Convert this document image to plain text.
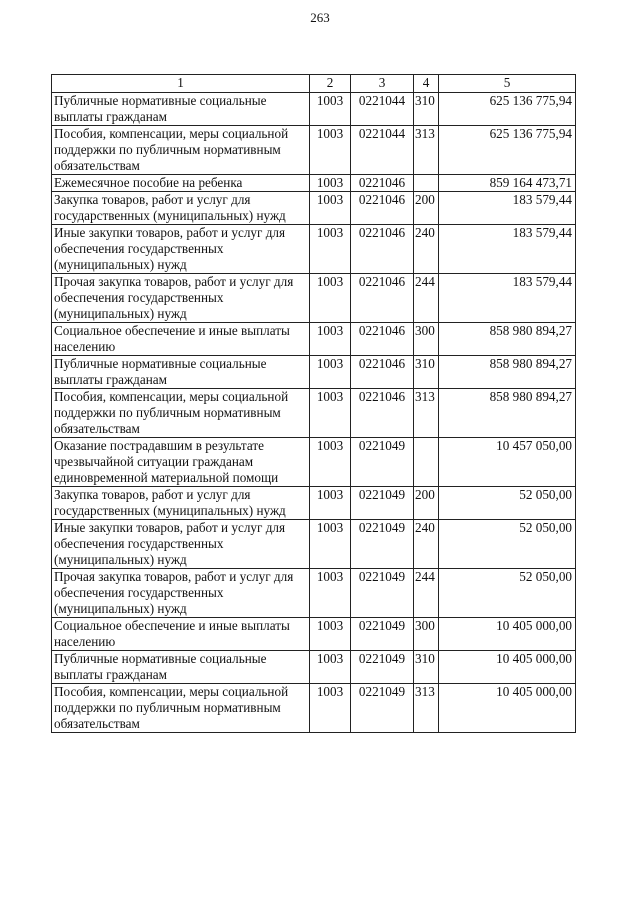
263
1	2	3	4	5
Публичные нормативные социальные выплаты гражданам	1003	0221044	310	625 136 775,94
Пособия, компенсации, меры социальной поддержки по публичным нормативным обязательствам	1003	0221044	313	625 136 775,94
Ежемесячное пособие на ребенка	1003	0221046		859 164 473,71
Закупка товаров, работ и услуг для государственных (муниципальных) нужд	1003	0221046	200	183 579,44
Иные закупки товаров, работ и услуг для обеспечения государственных (муниципальных) нужд	1003	0221046	240	183 579,44
Прочая закупка товаров, работ и услуг для обеспечения государственных (муниципальных) нужд	1003	0221046	244	183 579,44
Социальное обеспечение и иные выплаты населению	1003	0221046	300	858 980 894,27
Публичные нормативные социальные выплаты гражданам	1003	0221046	310	858 980 894,27
Пособия, компенсации, меры социальной поддержки по публичным нормативным обязательствам	1003	0221046	313	858 980 894,27
Оказание пострадавшим в результате чрезвычайной ситуации гражданам единовременной материальной помощи	1003	0221049		10 457 050,00
Закупка товаров, работ и услуг для государственных (муниципальных) нужд	1003	0221049	200	52 050,00
Иные закупки товаров, работ и услуг для обеспечения государственных (муниципальных) нужд	1003	0221049	240	52 050,00
Прочая закупка товаров, работ и услуг для обеспечения государственных (муниципальных) нужд	1003	0221049	244	52 050,00
Социальное обеспечение и иные выплаты населению	1003	0221049	300	10 405 000,00
Публичные нормативные социальные выплаты гражданам	1003	0221049	310	10 405 000,00
Пособия, компенсации, меры социальной поддержки по публичным нормативным обязательствам	1003	0221049	313	10 405 000,00
